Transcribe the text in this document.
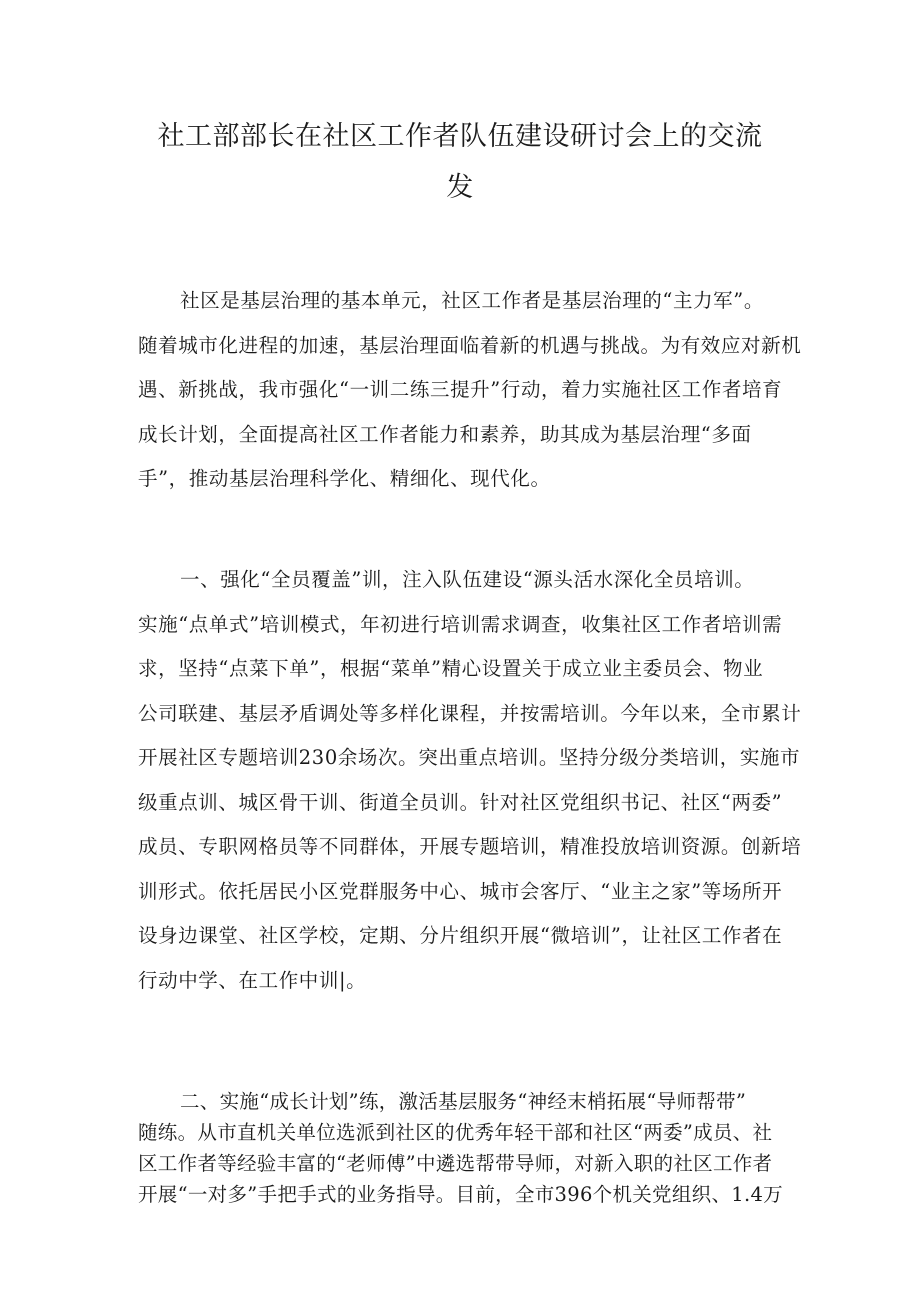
社工部部长在社区工作者队伍建设研讨会上的交流
发
社区是基层治理的基本单元，社区工作者是基层治理的“主力军”。
随着城市化进程的加速，基层治理面临着新的机遇与挑战。为有效应对新机
遇、新挑战，我市强化“一训二练三提升”行动，着力实施社区工作者培育
成长计划，全面提高社区工作者能力和素养，助其成为基层治理“多面
手”，推动基层治理科学化、精细化、现代化。
一、强化“全员覆盖”训，注入队伍建设“源头活水深化全员培训。
实施“点单式”培训模式，年初进行培训需求调查，收集社区工作者培训需
求，坚持“点菜下单”，根据“菜单”精心设置关于成立业主委员会、物业
公司联建、基层矛盾调处等多样化课程，并按需培训。今年以来，全市累计
开展社区专题培训230余场次。突出重点培训。坚持分级分类培训，实施市
级重点训、城区骨干训、街道全员训。针对社区党组织书记、社区“两委”
成员、专职网格员等不同群体，开展专题培训，精准投放培训资源。创新培
训形式。依托居民小区党群服务中心、城市会客厅、“业主之家”等场所开
设身边课堂、社区学校，定期、分片组织开展“微培训”，让社区工作者在
行动中学、在工作中训|。
二、实施“成长计划”练，激活基层服务“神经末梢拓展“导师帮带”
随练。从市直机关单位选派到社区的优秀年轻干部和社区“两委”成员、社
区工作者等经验丰富的“老师傅”中遴选帮带导师，对新入职的社区工作者
开展“一对多”手把手式的业务指导。目前，全市396个机关党组织、1.4万
